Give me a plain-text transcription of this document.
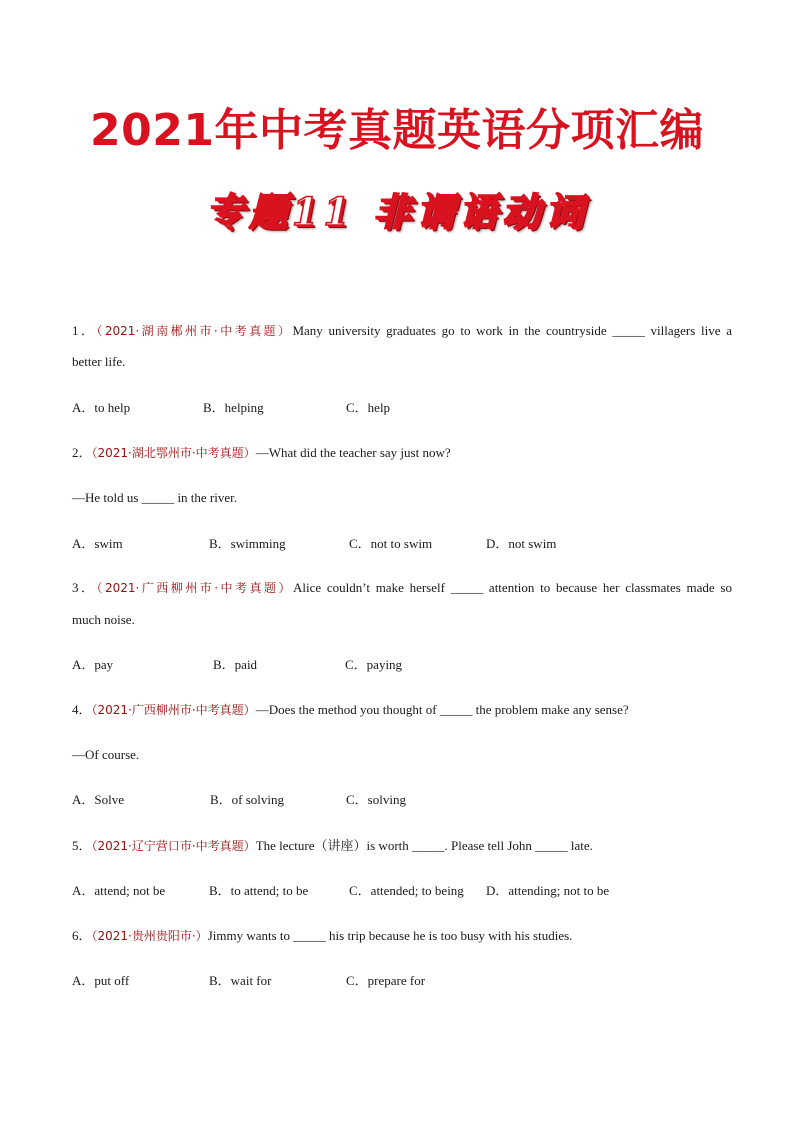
2021年中考真题英语分项汇编
专题11 非谓语动词
1．（2021·湖南郴州市·中考真题）Many university graduates go to work in the countryside _____ villagers live a
better life.
A．to help	B．helping	C．help
2．（2021·湖北鄂州市·中考真题）—What did the teacher say just now?
—He told us _____ in the river.
A．swim	B．swimming	C．not to swim	D．not swim
3．（2021·广西柳州市·中考真题）Alice couldn’t make herself _____ attention to because her classmates made so
much noise.
A．pay	B．paid	C．paying
4．（2021·广西柳州市·中考真题）—Does the method you thought of _____ the problem make any sense?
—Of course.
A．Solve	B．of solving	C．solving
5．（2021·辽宁营口市·中考真题）The lecture（讲座）is worth _____. Please tell John _____ late.
A．attend; not be	B．to attend; to be	C．attended; to being D．attending; not to be
6．（2021·贵州贵阳市·）Jimmy wants to _____ his trip because he is too busy with his studies.
A．put off	B．wait for	C．prepare for
